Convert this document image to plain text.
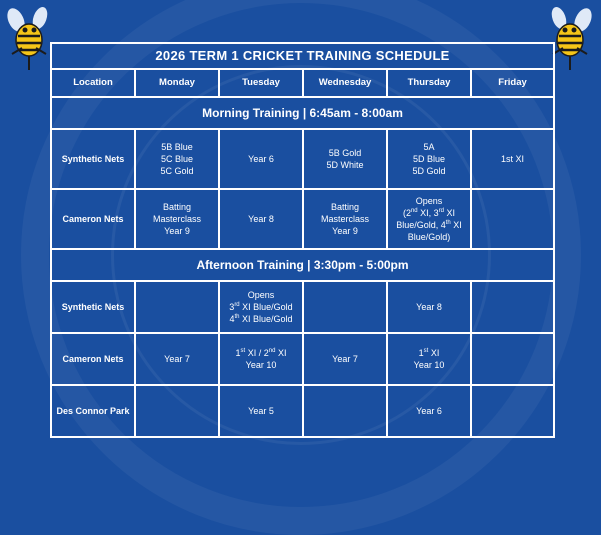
2026 TERM 1 CRICKET TRAINING SCHEDULE					
Location	Monday	Tuesday	Wednesday	Thursday	Friday
Morning Training | 6:45am - 8:00am					
Synthetic Nets	5B Blue
5C Blue
5C Gold	Year 6	5B Gold
5D White	5A
5D Blue
5D Gold	1st XI

Cameron Nets	Batting
Masterclass
Year 9	Year 8	Batting
Masterclass
Year 9	Opens
(2nd XI, 3rd XI
Blue/Gold, 4th XI
Blue/Gold)	

Afternoon Training | 3:30pm - 5:00pm					
Synthetic Nets		Opens
3rd XI Blue/Gold
4th XI Blue/Gold		Year 8	

Cameron Nets	Year 7	1st XI / 2nd XI
Year 10	Year 7	1st XI
Year 10	

Des Connor Park		Year 5		Year 6	
